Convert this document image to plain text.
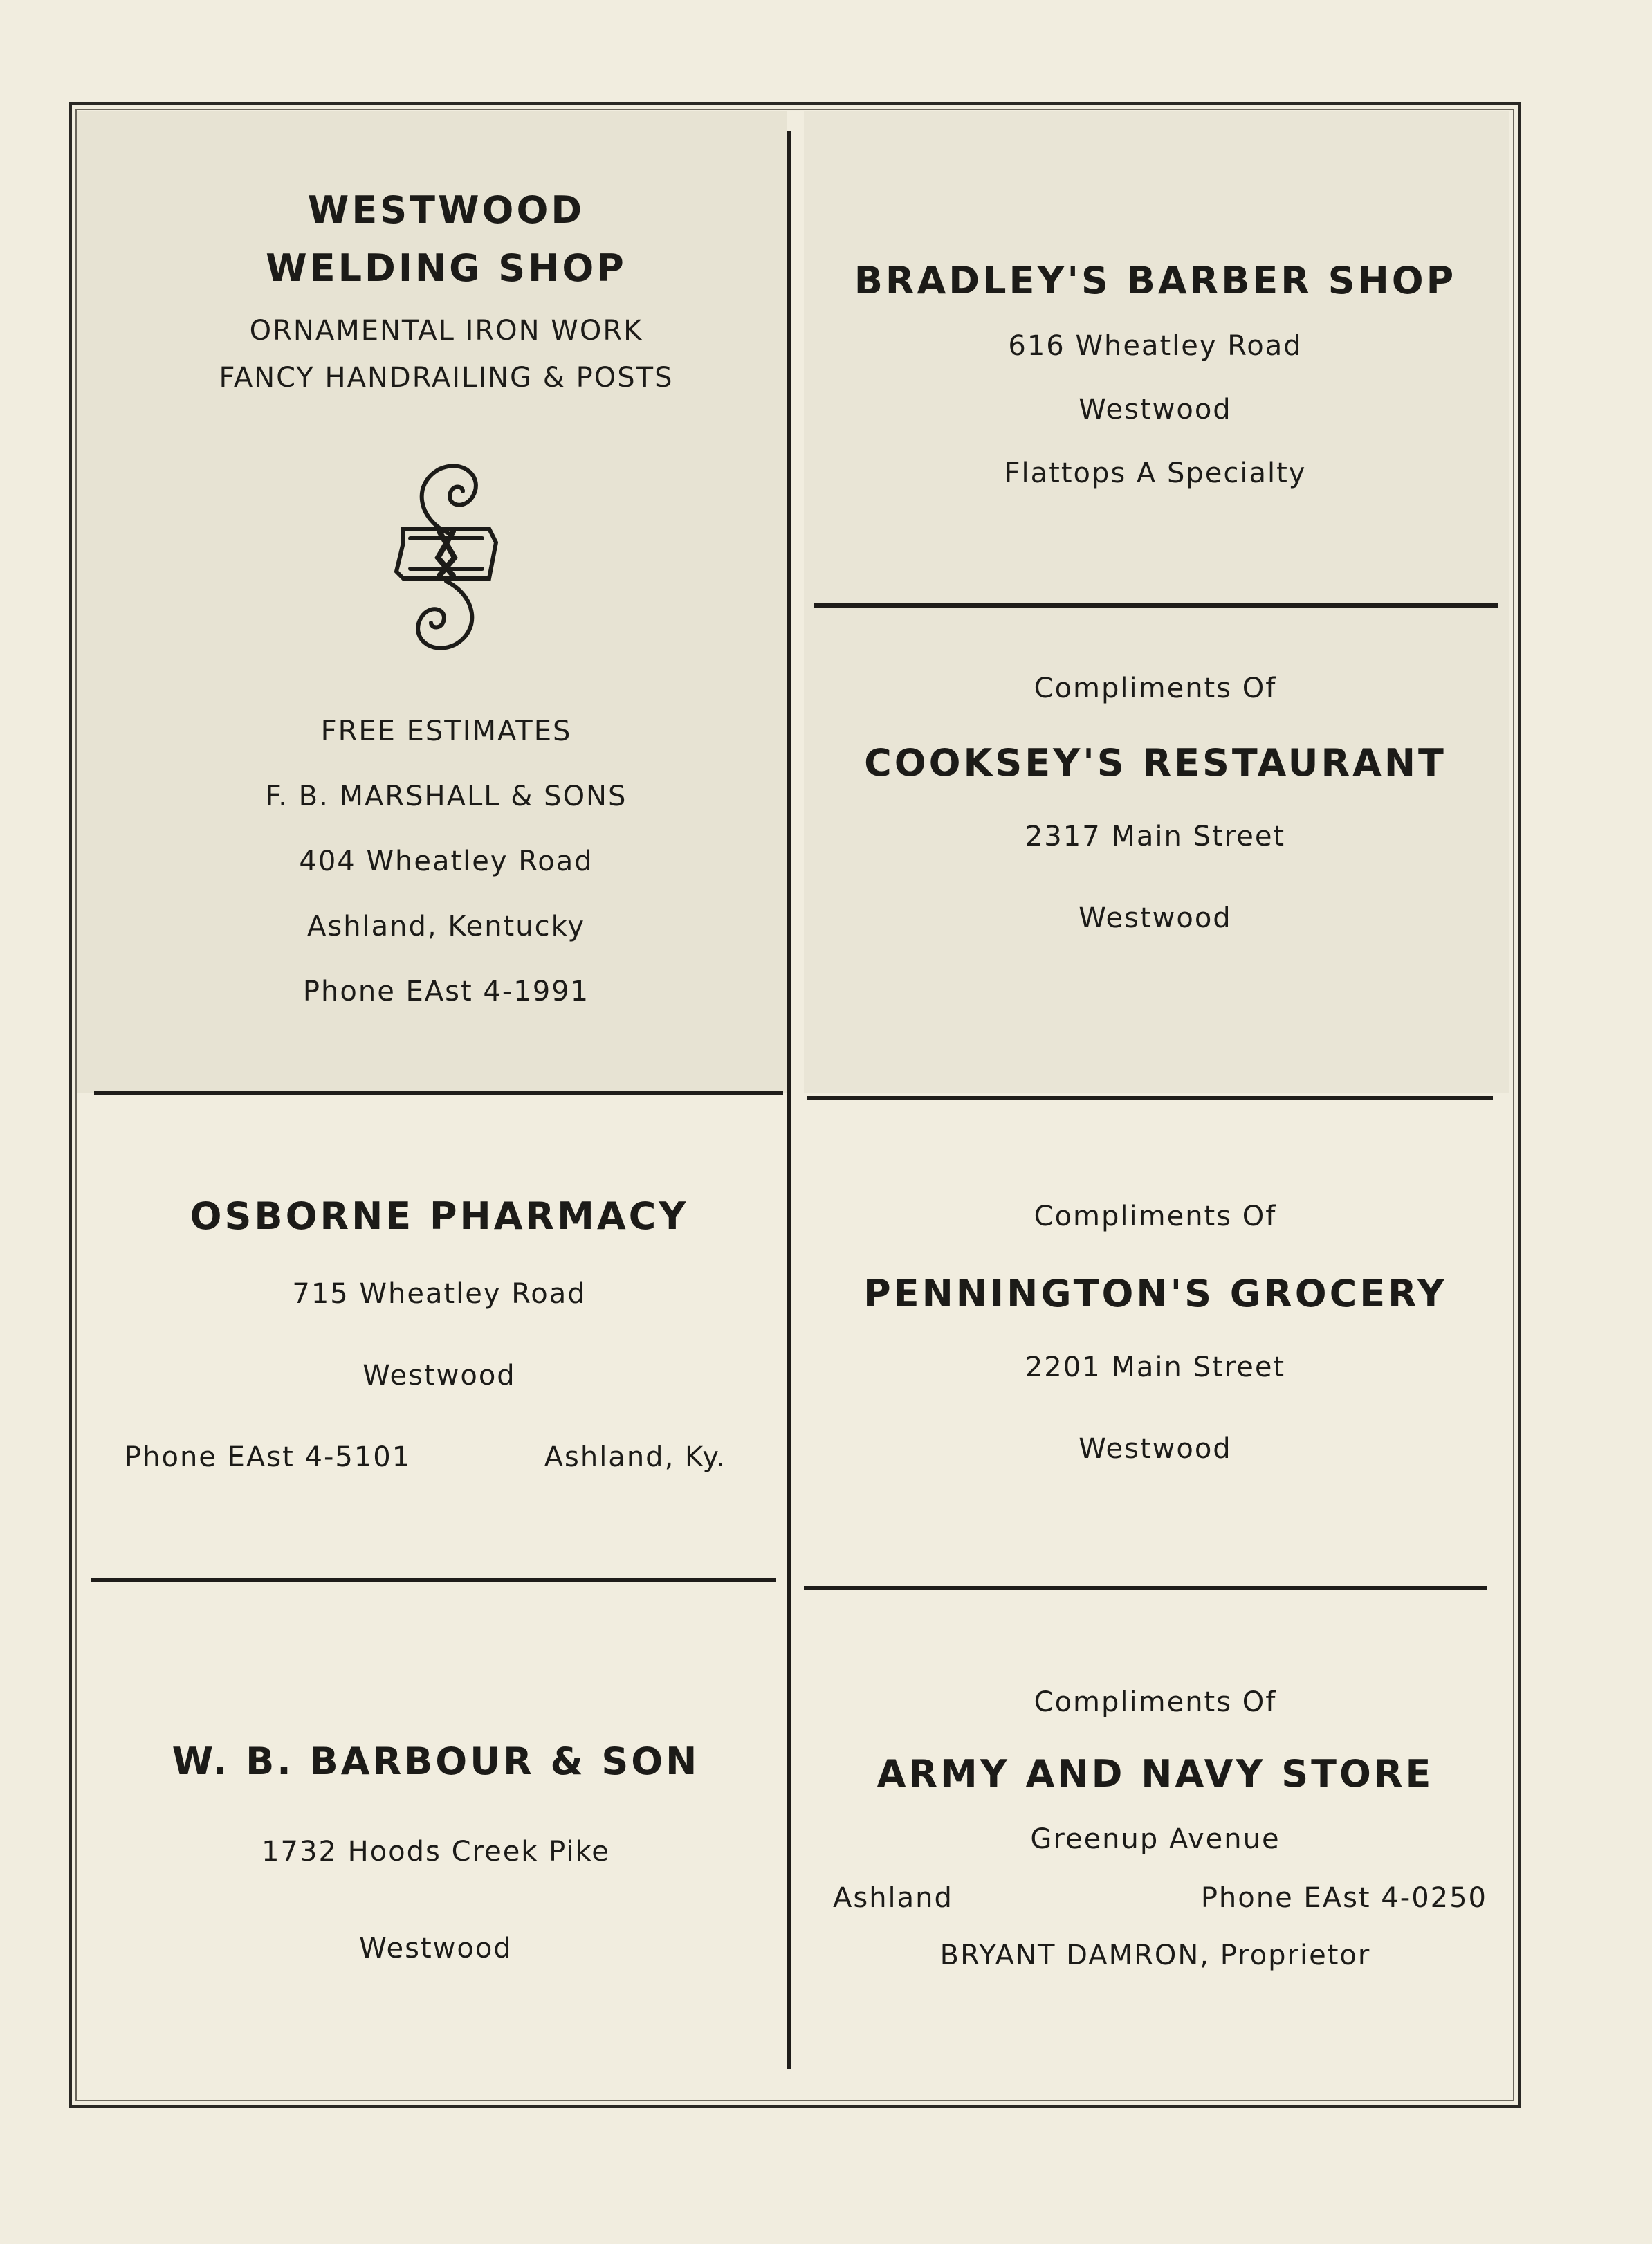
WESTWOOD
WELDING SHOP
ORNAMENTAL IRON WORK
FANCY HANDRAILING & POSTS
FREE ESTIMATES
F. B. MARSHALL & SONS
404 Wheatley Road
Ashland, Kentucky
Phone EAst 4-1991
BRADLEY'S BARBER SHOP
616 Wheatley Road
Westwood
Flattops A Specialty
Compliments Of
COOKSEY'S RESTAURANT
2317 Main Street
Westwood
OSBORNE PHARMACY
715 Wheatley Road
Westwood
Phone EAst 4-5101	Ashland, Ky.
Compliments Of
PENNINGTON'S GROCERY
2201 Main Street
Westwood
W. B. BARBOUR & SON
1732 Hoods Creek Pike
Westwood
Compliments Of
ARMY AND NAVY STORE
Greenup Avenue
Ashland	Phone EAst 4-0250
BRYANT DAMRON, Proprietor
